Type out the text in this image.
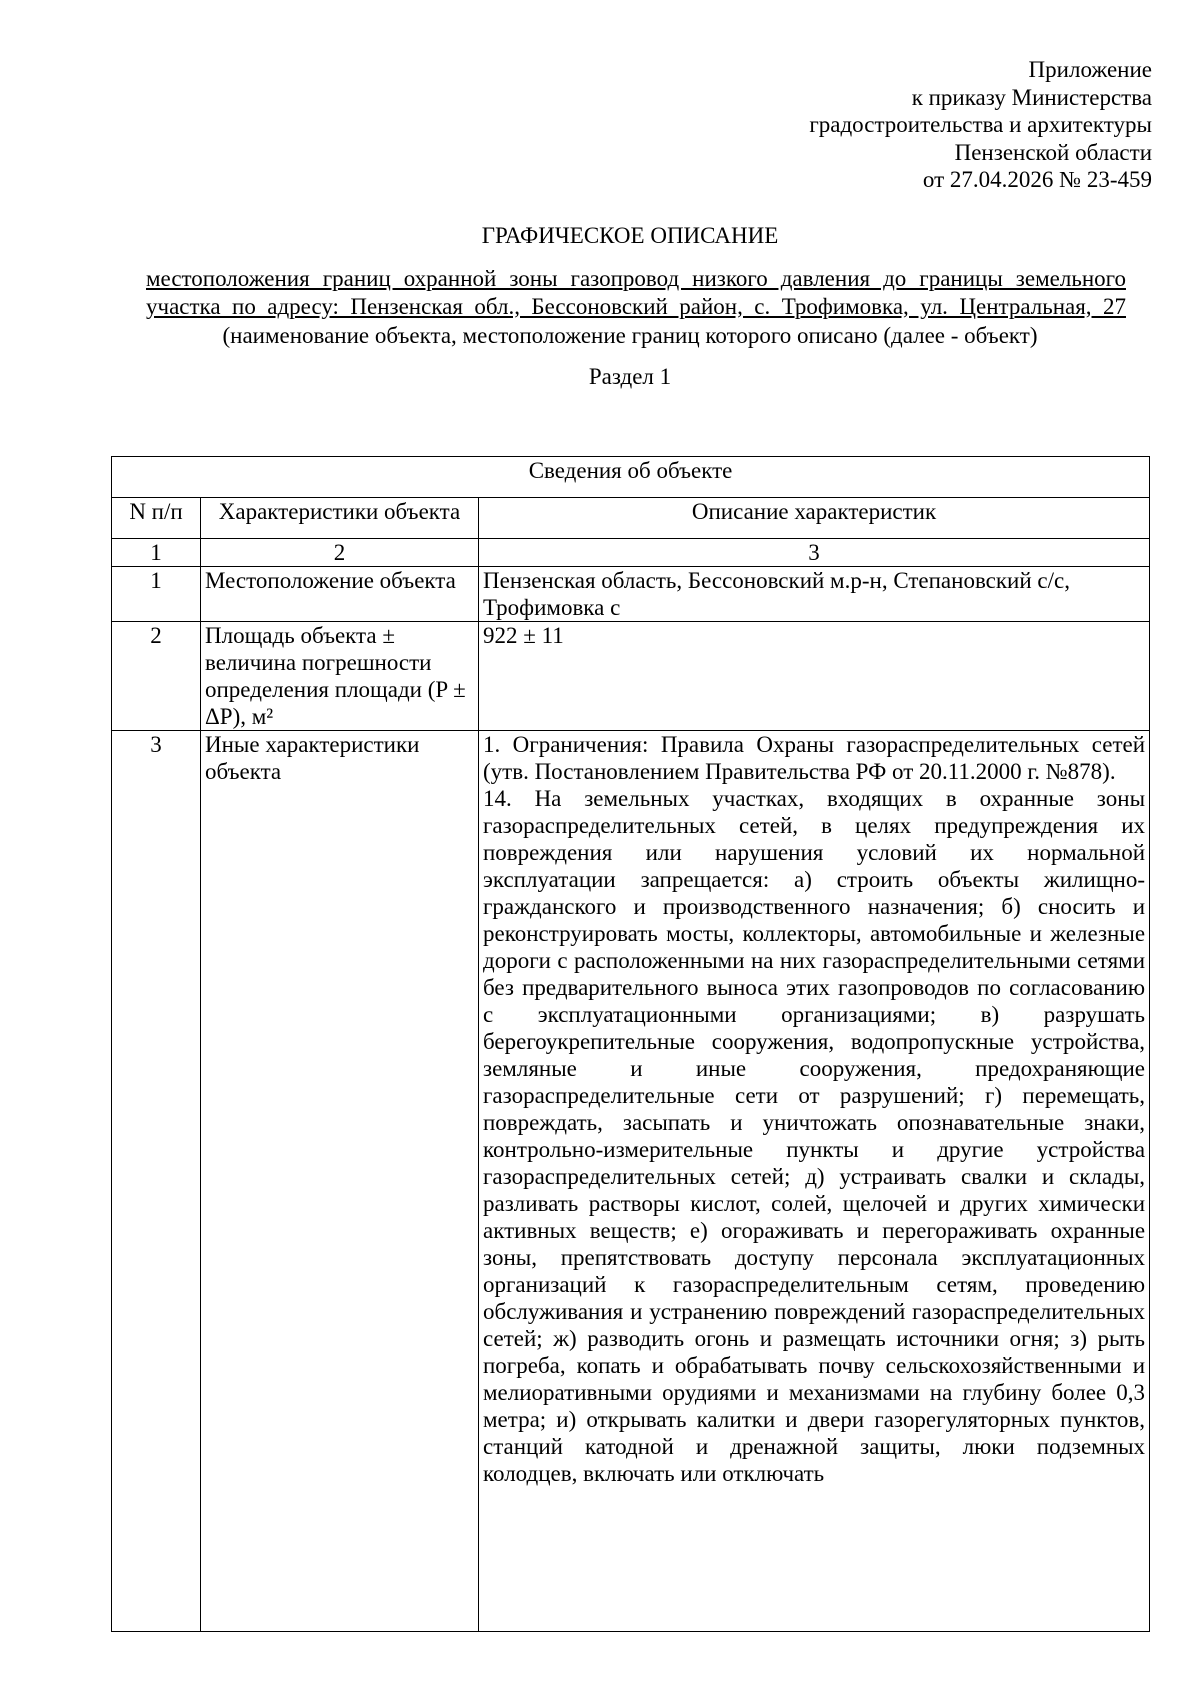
Приложение
к приказу Министерства
градостроительства и архитектуры
Пензенской области
от 27.04.2026 № 23-459
ГРАФИЧЕСКОЕ ОПИСАНИЕ
местоположения границ охранной зоны газопровод низкого давления до границы земельного
участка по адресу: Пензенская обл., Бессоновский район, с. Трофимовка, ул. Центральная, 27
(наименование объекта, местоположение границ которого описано (далее - объект)
Раздел 1
Сведения об объекте		
N п/п	Характеристики объекта	Описание характеристик
1	2	3
1	Местоположение объекта	Пензенская область, Бессоновский м.р-н, Степановский с/с, Трофимовка с
2	Площадь объекта ± величина погрешности определения площади (P ± ΔP), м²	922 ± 11
3	Иные характеристики объекта	1. Ограничения: Правила Охраны газораспределительных сетей (утв. Постановлением Правительства РФ от 20.11.2000 г. №878).
14. На земельных участках, входящих в охранные зоны газораспределительных сетей, в целях предупреждения их повреждения или нарушения условий их нормальной эксплуатации запрещается: а) строить объекты жилищно-гражданского и производственного назначения; б) сносить и реконструировать мосты, коллекторы, автомобильные и железные дороги с расположенными на них газораспределительными сетями без предварительного выноса этих газопроводов по согласованию с эксплуатационными организациями; в) разрушать берегоукрепительные сооружения, водопропускные устройства, земляные и иные сооружения, предохраняющие газораспределительные сети от разрушений; г) перемещать, повреждать, засыпать и уничтожать опознавательные знаки, контрольно-измерительные пункты и другие устройства газораспределительных сетей; д) устраивать свалки и склады, разливать растворы кислот, солей, щелочей и других химически активных веществ; е) огораживать и перегораживать охранные зоны, препятствовать доступу персонала эксплуатационных организаций к газораспределительным сетям, проведению обслуживания и устранению повреждений газораспределительных сетей; ж) разводить огонь и размещать источники огня; з) рыть погреба, копать и обрабатывать почву сельскохозяйственными и мелиоративными орудиями и механизмами на глубину более 0,3 метра; и) открывать калитки и двери газорегуляторных пунктов, станций катодной и дренажной защиты, люки подземных колодцев, включать или отключать
